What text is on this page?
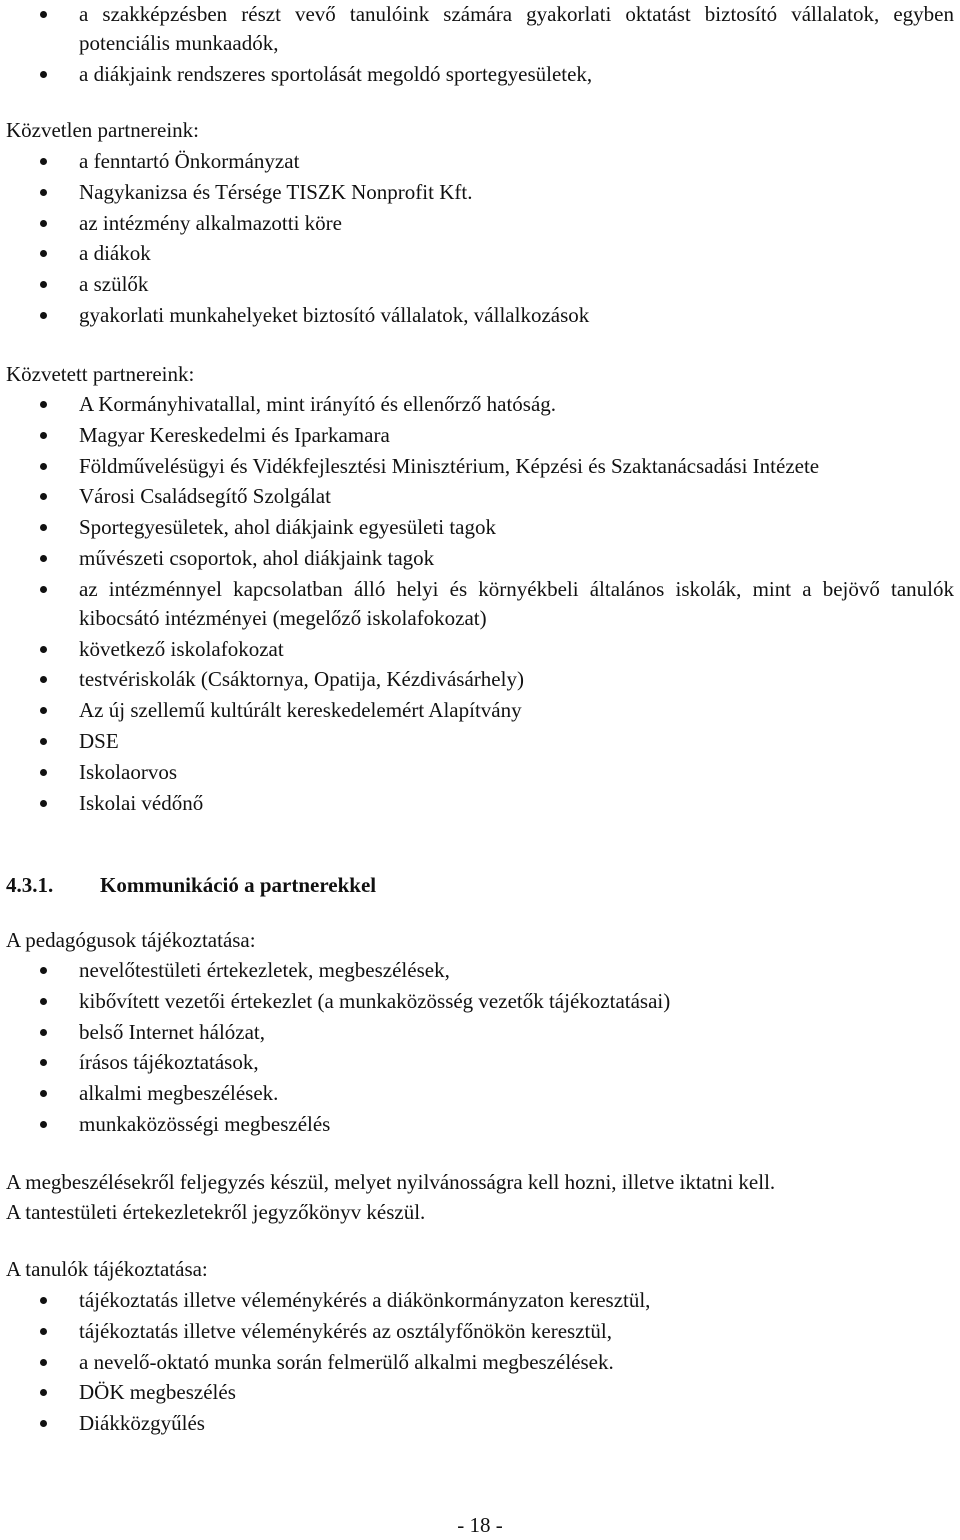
a szakképzésben részt vevő tanulóink számára gyakorlati oktatást biztosító vállalatok, egyben potenciális munkaadók,
a diákjaink rendszeres sportolását megoldó sportegyesületek,

Közvetlen partnereink:

a fenntartó Önkormányzat
Nagykanizsa és Térsége TISZK Nonprofit Kft.
az intézmény alkalmazotti köre
a diákok
a szülők
gyakorlati munkahelyeket biztosító vállalatok, vállalkozások

Közvetett partnereink:

A Kormányhivatallal, mint irányító és ellenőrző hatóság.
Magyar Kereskedelmi és Iparkamara
Földművelésügyi és Vidékfejlesztési Minisztérium, Képzési és Szaktanácsadási Intézete
Városi Családsegítő Szolgálat
Sportegyesületek, ahol diákjaink egyesületi tagok
művészeti csoportok, ahol diákjaink tagok
az intézménnyel kapcsolatban álló helyi és környékbeli általános iskolák, mint a bejövő tanulók kibocsátó intézményei (megelőző iskolafokozat)
következő iskolafokozat
testvériskolák (Csáktornya, Opatija, Kézdivásárhely)
Az új szellemű kultúrált kereskedelemért Alapítvány
DSE
Iskolaorvos
Iskolai védőnő
4.3.1. Kommunikáció a partnerekkel

A pedagógusok tájékoztatása:

nevelőtestületi értekezletek, megbeszélések,
kibővített vezetői értekezlet (a munkaközösség vezetők tájékoztatásai)
belső Internet hálózat,
írásos tájékoztatások,
alkalmi megbeszélések.
munkaközösségi megbeszélés

A megbeszélésekről feljegyzés készül, melyet nyilvánosságra kell hozni, illetve iktatni kell.

A tantestületi értekezletekről jegyzőkönyv készül.

A tanulók tájékoztatása:

tájékoztatás illetve véleménykérés a diákönkormányzaton keresztül,
tájékoztatás illetve véleménykérés az osztályfőnökön keresztül,
a nevelő-oktató munka során felmerülő alkalmi megbeszélések.
DÖK megbeszélés
Diákközgyűlés
- 18 -
